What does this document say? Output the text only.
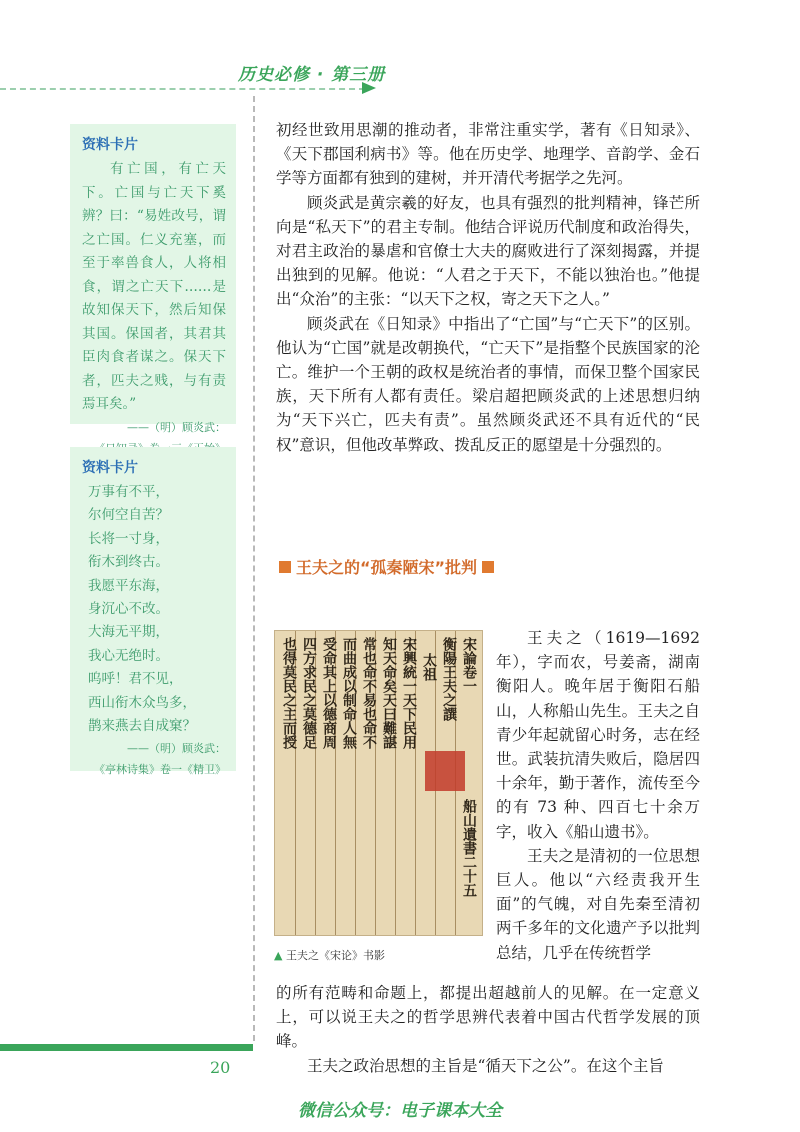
历史必修 · 第三册
资料卡片

有亡国，有亡天下。亡国与亡天下奚辨？曰：“易姓改号，谓之亡国。仁义充塞，而至于率兽食人，人将相食，谓之亡天下……是故知保天下，然后知保其国。保国者，其君其臣肉食者谋之。保天下者，匹夫之贱，与有责焉耳矣。”

——（明）顾炎武：

资料卡片

万事有不平，

尔何空自苦？

长将一寸身，

衔木到终古。

我愿平东海，

身沉心不改。

大海无平期，

我心无绝时。

呜呼！君不见，

西山衔木众鸟多，

鹊来燕去自成窠？

——（明）顾炎武：

《亭林诗集》卷一《精卫》

初经世致用思潮的推动者，非常注重实学，著有《日知录》、《天下郡国利病书》等。他在历史学、地理学、音韵学、金石学等方面都有独到的建树，并开清代考据学之先河。

顾炎武是黄宗羲的好友，也具有强烈的批判精神，锋芒所向是“私天下”的君主专制。他结合评说历代制度和政治得失，对君主政治的暴虐和官僚士大夫的腐败进行了深刻揭露，并提出独到的见解。他说：“人君之于天下，不能以独治也。”他提出“众治”的主张：“以天下之权，寄之天下之人。”

顾炎武在《日知录》中指出了“亡国”与“亡天下”的区别。他认为“亡国”就是改朝换代，“亡天下”是指整个民族国家的沦亡。维护一个王朝的政权是统治者的事情，而保卫整个国家民族，天下所有人都有责任。梁启超把顾炎武的上述思想归纳为“天下兴亡，匹夫有责”。虽然顾炎武还不具有近代的“民权”意识，但他改革弊政、拨乱反正的愿望是十分强烈的。

王夫之的“孤秦陋宋”批判
宋論卷一
衡陽王夫之譔
太祖
宋興統一天下民用
知天命矣天曰難諶
常也命不易也命不
而曲成以制命人無
受命其上以德商周
四方求民之莫德足
也得莫民之主而授
船山遺書二十五
▲ 王夫之《宋论》书影

王夫之（1619—1692 年），字而农，号姜斋，湖南衡阳人。晚年居于衡阳石船山，人称船山先生。王夫之自青少年起就留心时务，志在经世。武装抗清失败后，隐居四十余年，勤于著作，流传至今的有 73 种、四百七十余万字，收入《船山遗书》。

王夫之是清初的一位思想巨人。他以“六经责我开生面”的气魄，对自先秦至清初两千多年的文化遗产予以批判总结，几乎在传统哲学

的所有范畴和命题上，都提出超越前人的见解。在一定意义上，可以说王夫之的哲学思辨代表着中国古代哲学发展的顶峰。

王夫之政治思想的主旨是“循天下之公”。在这个主旨

20
微信公众号：电子课本大全
